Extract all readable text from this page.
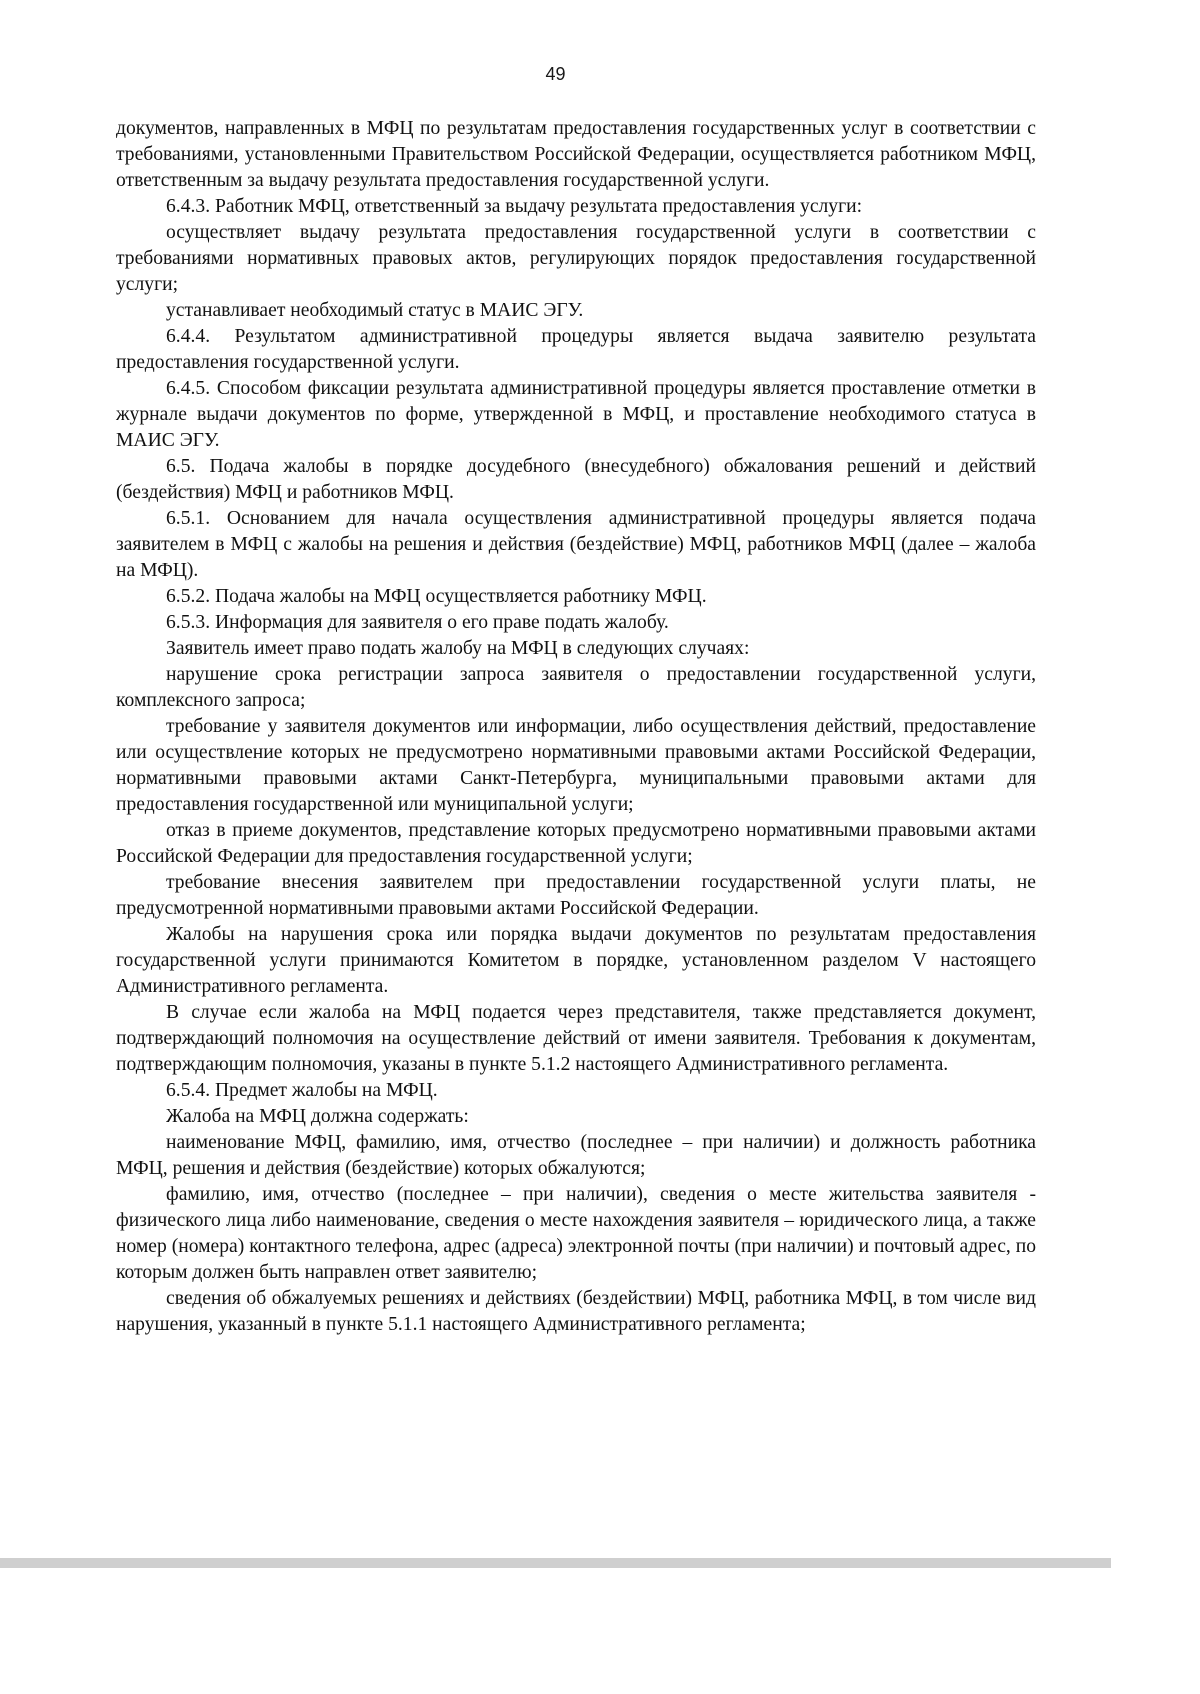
49

документов, направленных в МФЦ по результатам предоставления государственных услуг в соответствии с требованиями, установленными Правительством Российской Федерации, осуществляется работником МФЦ, ответственным за выдачу результата предоставления государственной услуги.

6.4.3. Работник МФЦ, ответственный за выдачу результата предоставления услуги:

осуществляет выдачу результата предоставления государственной услуги в соответствии с требованиями нормативных правовых актов, регулирующих порядок предоставления государственной услуги;

устанавливает необходимый статус в МАИС ЭГУ.

6.4.4. Результатом административной процедуры является выдача заявителю результата предоставления государственной услуги.

6.4.5. Способом фиксации результата административной процедуры является проставление отметки в журнале выдачи документов по форме, утвержденной в МФЦ, и проставление необходимого статуса в МАИС ЭГУ.

6.5. Подача жалобы в порядке досудебного (внесудебного) обжалования решений и действий (бездействия) МФЦ и работников МФЦ.

6.5.1. Основанием для начала осуществления административной процедуры является подача заявителем в МФЦ с жалобы на решения и действия (бездействие) МФЦ, работников МФЦ (далее – жалоба на МФЦ).

6.5.2. Подача жалобы на МФЦ осуществляется работнику МФЦ.

6.5.3. Информация для заявителя о его праве подать жалобу.

Заявитель имеет право подать жалобу на МФЦ в следующих случаях:

нарушение срока регистрации запроса заявителя о предоставлении государственной услуги, комплексного запроса;

требование у заявителя документов или информации, либо осуществления действий, предоставление или осуществление которых не предусмотрено нормативными правовыми актами Российской Федерации, нормативными правовыми актами Санкт-Петербурга, муниципальными правовыми актами для предоставления государственной или муниципальной услуги;

отказ в приеме документов, представление которых предусмотрено нормативными правовыми актами Российской Федерации для предоставления государственной услуги;

требование внесения заявителем при предоставлении государственной услуги платы, не предусмотренной нормативными правовыми актами Российской Федерации.

Жалобы на нарушения срока или порядка выдачи документов по результатам предоставления государственной услуги принимаются Комитетом в порядке, установленном разделом V настоящего Административного регламента.

В случае если жалоба на МФЦ подается через представителя, также представляется документ, подтверждающий полномочия на осуществление действий от имени заявителя. Требования к документам, подтверждающим полномочия, указаны в пункте 5.1.2 настоящего Административного регламента.

6.5.4. Предмет жалобы на МФЦ.

Жалоба на МФЦ должна содержать:

наименование МФЦ, фамилию, имя, отчество (последнее – при наличии) и должность работника МФЦ, решения и действия (бездействие) которых обжалуются;

фамилию, имя, отчество (последнее – при наличии), сведения о месте жительства заявителя - физического лица либо наименование, сведения о месте нахождения заявителя – юридического лица, а также номер (номера) контактного телефона, адрес (адреса) электронной почты (при наличии) и почтовый адрес, по которым должен быть направлен ответ заявителю;

сведения об обжалуемых решениях и действиях (бездействии) МФЦ, работника МФЦ, в том числе вид нарушения, указанный в пункте 5.1.1 настоящего Административного регламента;
